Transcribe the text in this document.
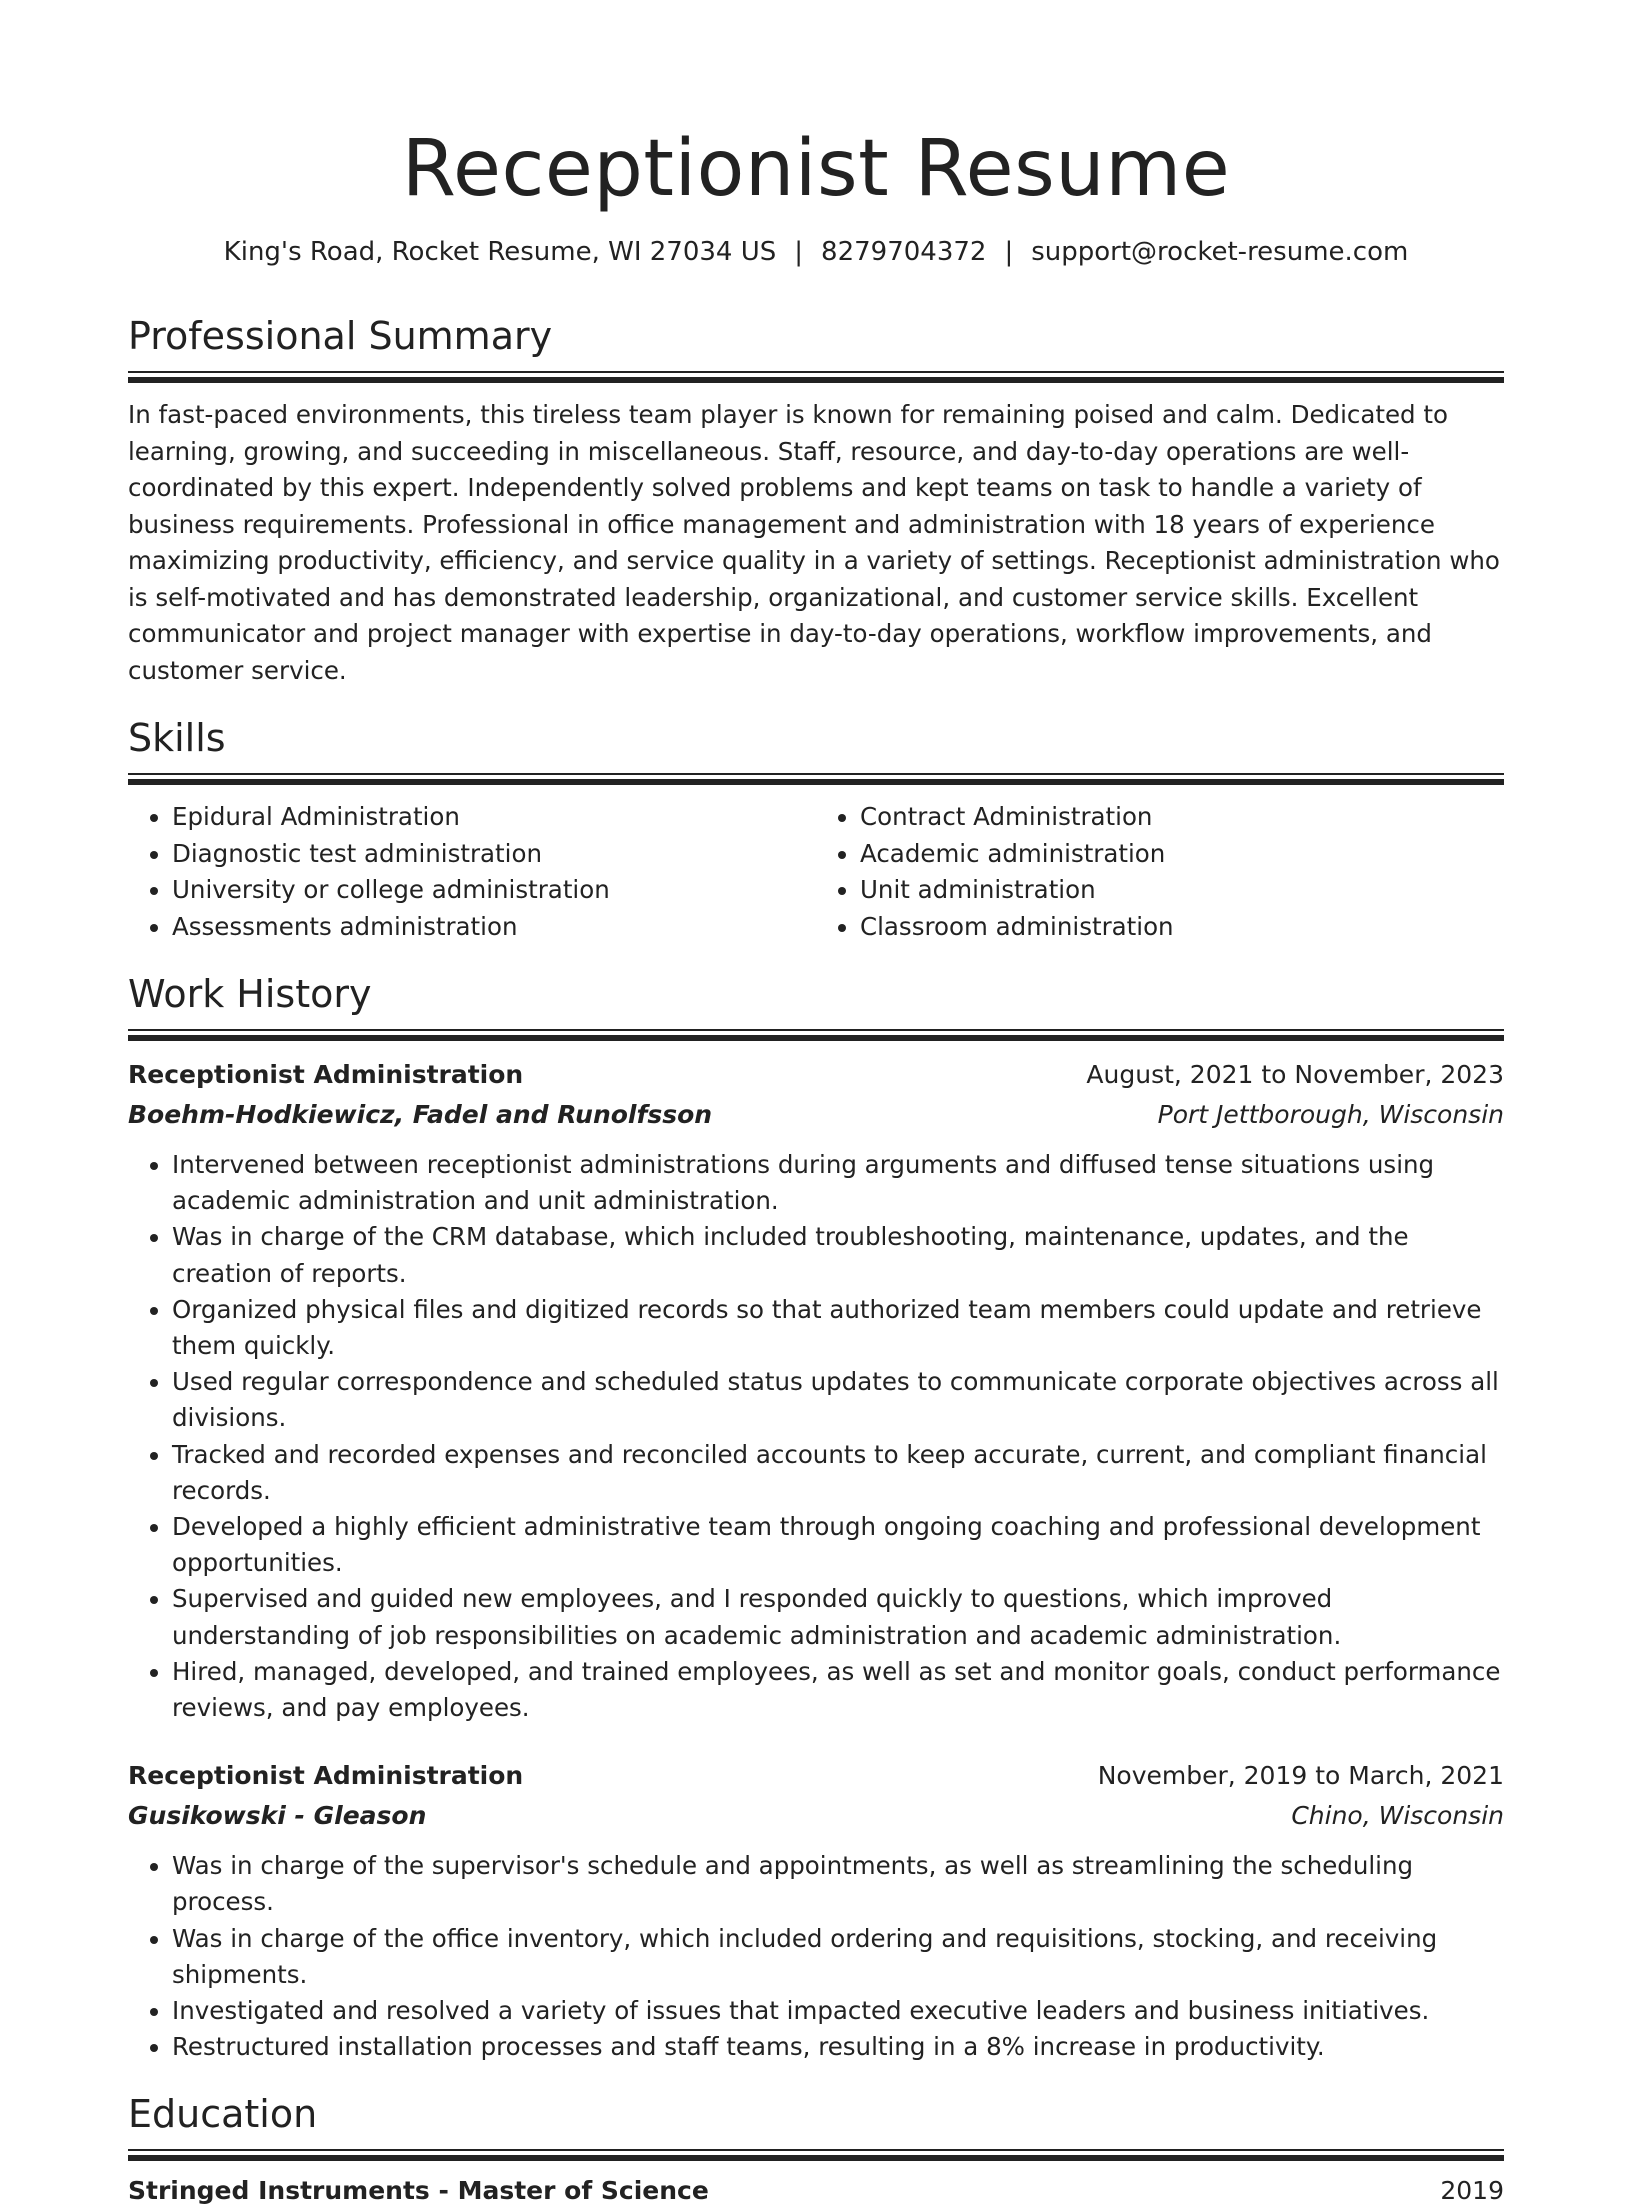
Receptionist Resume
King's Road, Rocket Resume, WI 27034 US | 8279704372 | support@rocket-resume.com
Professional Summary
In fast-paced environments, this tireless team player is known for remaining poised and calm. Dedicated to learning, growing, and succeeding in miscellaneous. Staff, resource, and day-to-day operations are well-coordinated by this expert. Independently solved problems and kept teams on task to handle a variety of business requirements. Professional in office management and administration with 18 years of experience maximizing productivity, efficiency, and service quality in a variety of settings. Receptionist administration who is self-motivated and has demonstrated leadership, organizational, and customer service skills. Excellent communicator and project manager with expertise in day-to-day operations, workflow improvements, and customer service.
Skills
• Epidural Administration
• Diagnostic test administration
• University or college administration
• Assessments administration
• Contract Administration
• Academic administration
• Unit administration
• Classroom administration
Work History
Receptionist Administration	August, 2021 to November, 2023
Boehm-Hodkiewicz, Fadel and Runolfsson	Port Jettborough, Wisconsin
• Intervened between receptionist administrations during arguments and diffused tense situations using academic administration and unit administration.
• Was in charge of the CRM database, which included troubleshooting, maintenance, updates, and the creation of reports.
• Organized physical files and digitized records so that authorized team members could update and retrieve them quickly.
• Used regular correspondence and scheduled status updates to communicate corporate objectives across all divisions.
• Tracked and recorded expenses and reconciled accounts to keep accurate, current, and compliant financial records.
• Developed a highly efficient administrative team through ongoing coaching and professional development opportunities.
• Supervised and guided new employees, and I responded quickly to questions, which improved understanding of job responsibilities on academic administration and academic administration.
• Hired, managed, developed, and trained employees, as well as set and monitor goals, conduct performance reviews, and pay employees.
Receptionist Administration	November, 2019 to March, 2021
Gusikowski - Gleason	Chino, Wisconsin
• Was in charge of the supervisor's schedule and appointments, as well as streamlining the scheduling process.
• Was in charge of the office inventory, which included ordering and requisitions, stocking, and receiving shipments.
• Investigated and resolved a variety of issues that impacted executive leaders and business initiatives.
• Restructured installation processes and staff teams, resulting in a 8% increase in productivity.
Education
Stringed Instruments - Master of Science	2019
